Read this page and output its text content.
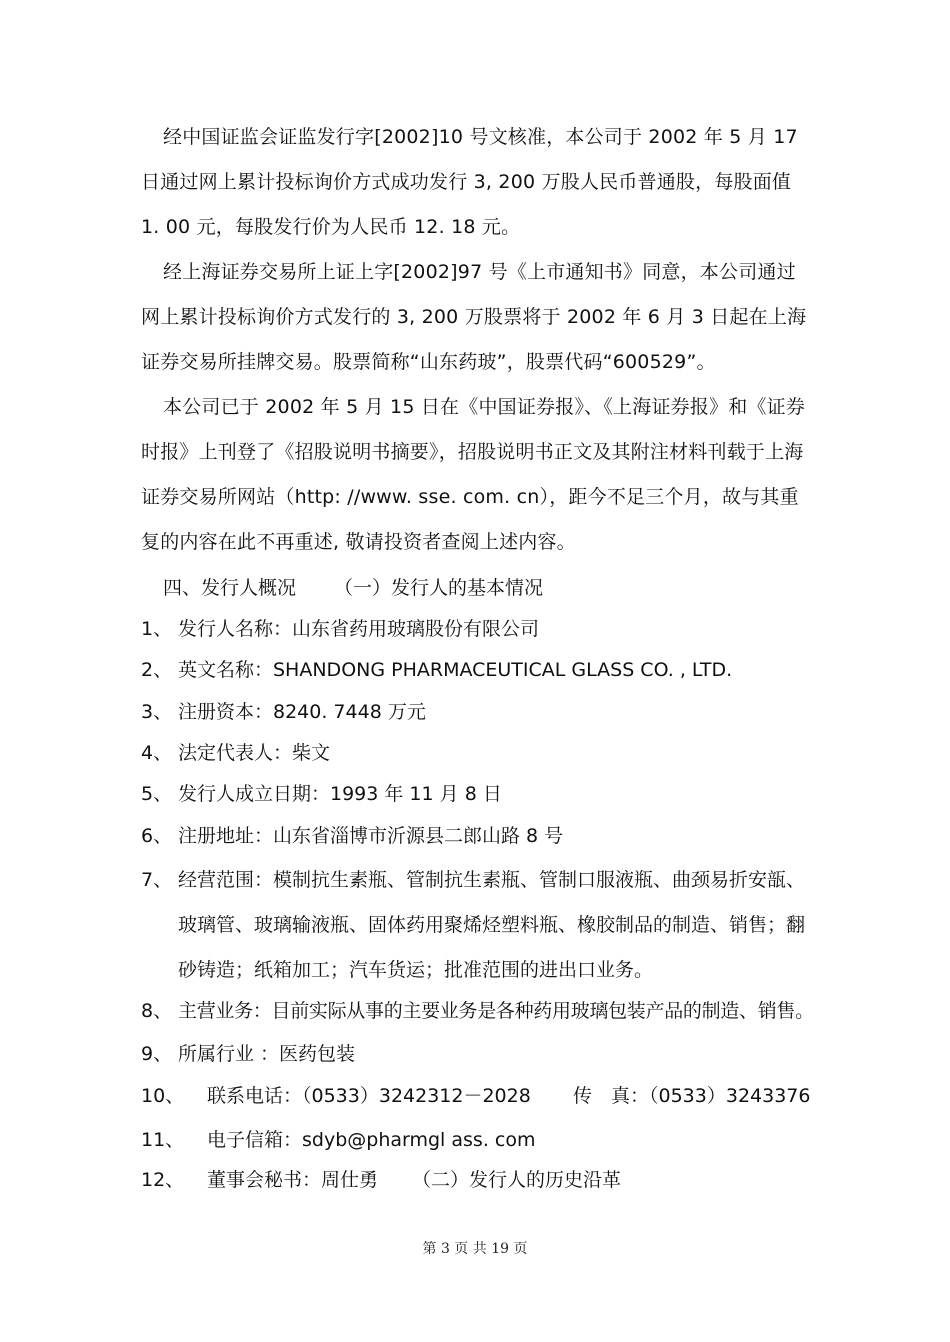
经中国证监会证监发行字[2002]10 号文核准，本公司于 2002 年 5 月 17 日通过网上累计投标询价方式成功发行 3, 200 万股人民币普通股，每股面值 1. 00 元，每股发行价为人民币 12. 18 元。

经上海证券交易所上证上字[2002]97 号《上市通知书》同意，本公司通过网上累计投标询价方式发行的 3, 200 万股票将于 2002 年 6 月 3 日起在上海证券交易所挂牌交易。股票简称“山东药玻”，股票代码“600529”。

本公司已于 2002 年 5 月 15 日在《中国证券报》、《上海证券报》和《证券时报》上刊登了《招股说明书摘要》，招股说明书正文及其附注材料刊载于上海证券交易所网站（http: //www. sse. com. cn），距今不足三个月，故与其重复的内容在此不再重述, 敬请投资者查阅上述内容。

四、发行人概况 （一）发行人的基本情况
1、 发行人名称：山东省药用玻璃股份有限公司
2、 英文名称：SHANDONG PHARMACEUTICAL GLASS CO. , LTD.
3、 注册资本：8240. 7448 万元
4、 法定代表人：柴文
5、 发行人成立日期：1993 年 11 月 8 日
6、 注册地址：山东省淄博市沂源县二郎山路 8 号
7、 经营范围：模制抗生素瓶、管制抗生素瓶、管制口服液瓶、曲颈易折安瓿、玻璃管、玻璃输液瓶、固体药用聚烯烃塑料瓶、橡胶制品的制造、销售；翻砂铸造；纸箱加工；汽车货运；批准范围的进出口业务。

8、 主营业务：目前实际从事的主要业务是各种药用玻璃包装产品的制造、销售。
9、 所属行业 ：医药包装
10、 联系电话：（0533）3242312－2028 传　真：（0533）3243376
11、 电子信箱：sdyb@pharmgl ass. com
12、 董事会秘书：周仕勇 （二）发行人的历史沿革
第 3 页 共 19 页
